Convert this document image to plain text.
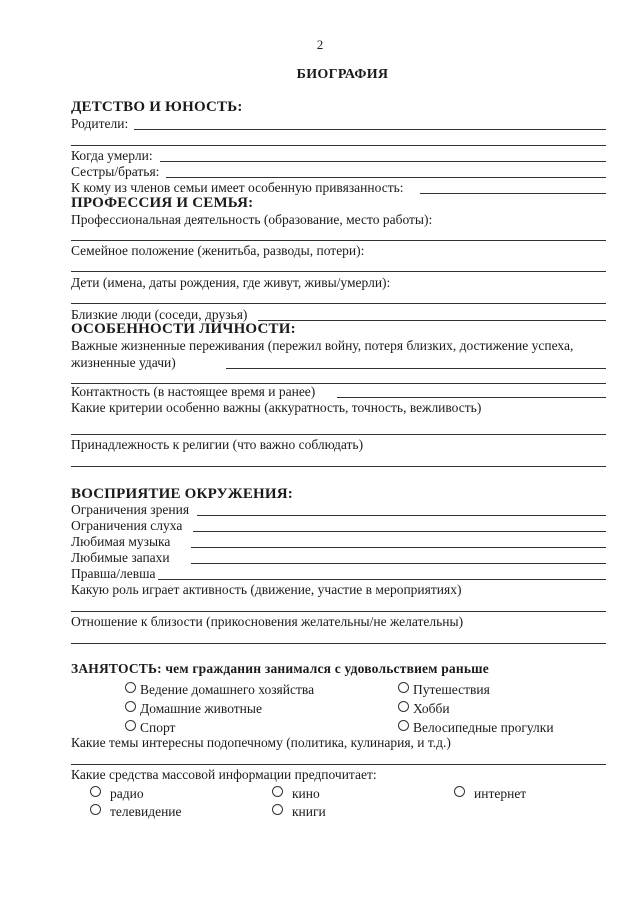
2
БИОГРАФИЯ
ДЕТСТВО И ЮНОСТЬ:
Родители:
Когда умерли:
Сестры/братья:
К кому из членов семьи имеет особенную привязанность:
ПРОФЕССИЯ И СЕМЬЯ:
Профессиональная деятельность (образование, место работы):
Семейное положение (женитьба, разводы, потери):
Дети (имена, даты рождения, где живут, живы/умерли):
Близкие люди (соседи, друзья)
ОСОБЕННОСТИ ЛИЧНОСТИ:
Важные жизненные переживания (пережил войну, потеря близких, достижение успеха,
жизненные удачи)
Контактность (в настоящее время и ранее)
Какие критерии особенно важны (аккуратность, точность, вежливость)
Принадлежность к религии (что важно соблюдать)
ВОСПРИЯТИЕ ОКРУЖЕНИЯ:
Ограничения зрения
Ограничения слуха
Любимая музыка
Любимые запахи
Правша/левша
Какую роль играет активность (движение, участие в мероприятиях)
Отношение к близости (прикосновения желательны/не желательны)
ЗАНЯТОСТЬ: чем гражданин занимался с удовольствием раньше
Ведение домашнего хозяйства	Путешествия
Домашние животные	Хобби
Спорт	Велосипедные прогулки
Какие темы интересны подопечному (политика, кулинария, и т.д.)
Какие средства массовой информации предпочитает:
радио	кино	интернет
телевидение	книги
